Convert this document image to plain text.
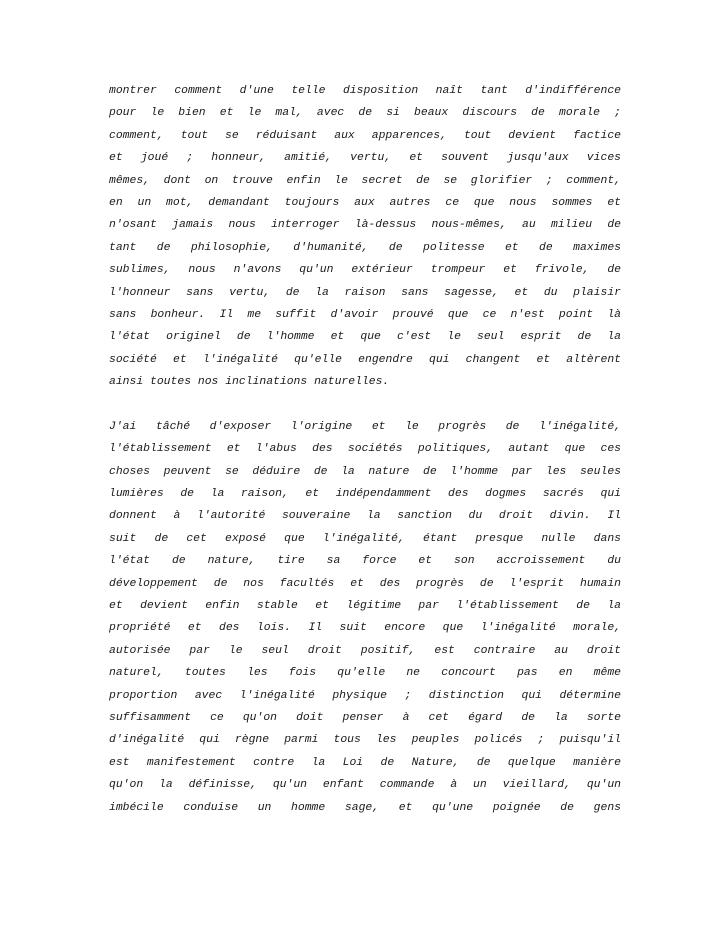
montrer comment d'une telle disposition naît tant d'indifférence
pour le bien et le mal, avec de si beaux discours de morale ;
comment, tout se réduisant aux apparences, tout devient factice
et joué ; honneur, amitié, vertu, et souvent jusqu'aux vices
mêmes, dont on trouve enfin le secret de se glorifier ; comment,
en un mot, demandant toujours aux autres ce que nous sommes et
n'osant jamais nous interroger là-dessus nous-mêmes, au milieu de
tant de philosophie, d'humanité, de politesse et de maximes
sublimes, nous n'avons qu'un extérieur trompeur et frivole, de
l'honneur sans vertu, de la raison sans sagesse, et du plaisir
sans bonheur. Il me suffit d'avoir prouvé que ce n'est point là
l'état originel de l'homme et que c'est le seul esprit de la
société et l'inégalité qu'elle engendre qui changent et altèrent
ainsi toutes nos inclinations naturelles.
J'ai tâché d'exposer l'origine et le progrès de l'inégalité,
l'établissement et l'abus des sociétés politiques, autant que ces
choses peuvent se déduire de la nature de l'homme par les seules
lumières de la raison, et indépendamment des dogmes sacrés qui
donnent à l'autorité souveraine la sanction du droit divin. Il
suit de cet exposé que l'inégalité, étant presque nulle dans
l'état de nature, tire sa force et son accroissement du
développement de nos facultés et des progrès de l'esprit humain
et devient enfin stable et légitime par l'établissement de la
propriété et des lois. Il suit encore que l'inégalité morale,
autorisée par le seul droit positif, est contraire au droit
naturel, toutes les fois qu'elle ne concourt pas en même
proportion avec l'inégalité physique ; distinction qui détermine
suffisamment ce qu'on doit penser à cet égard de la sorte
d'inégalité qui règne parmi tous les peuples policés ; puisqu'il
est manifestement contre la Loi de Nature, de quelque manière
qu'on la définisse, qu'un enfant commande à un vieillard, qu'un
imbécile conduise un homme sage, et qu'une poignée de gens
